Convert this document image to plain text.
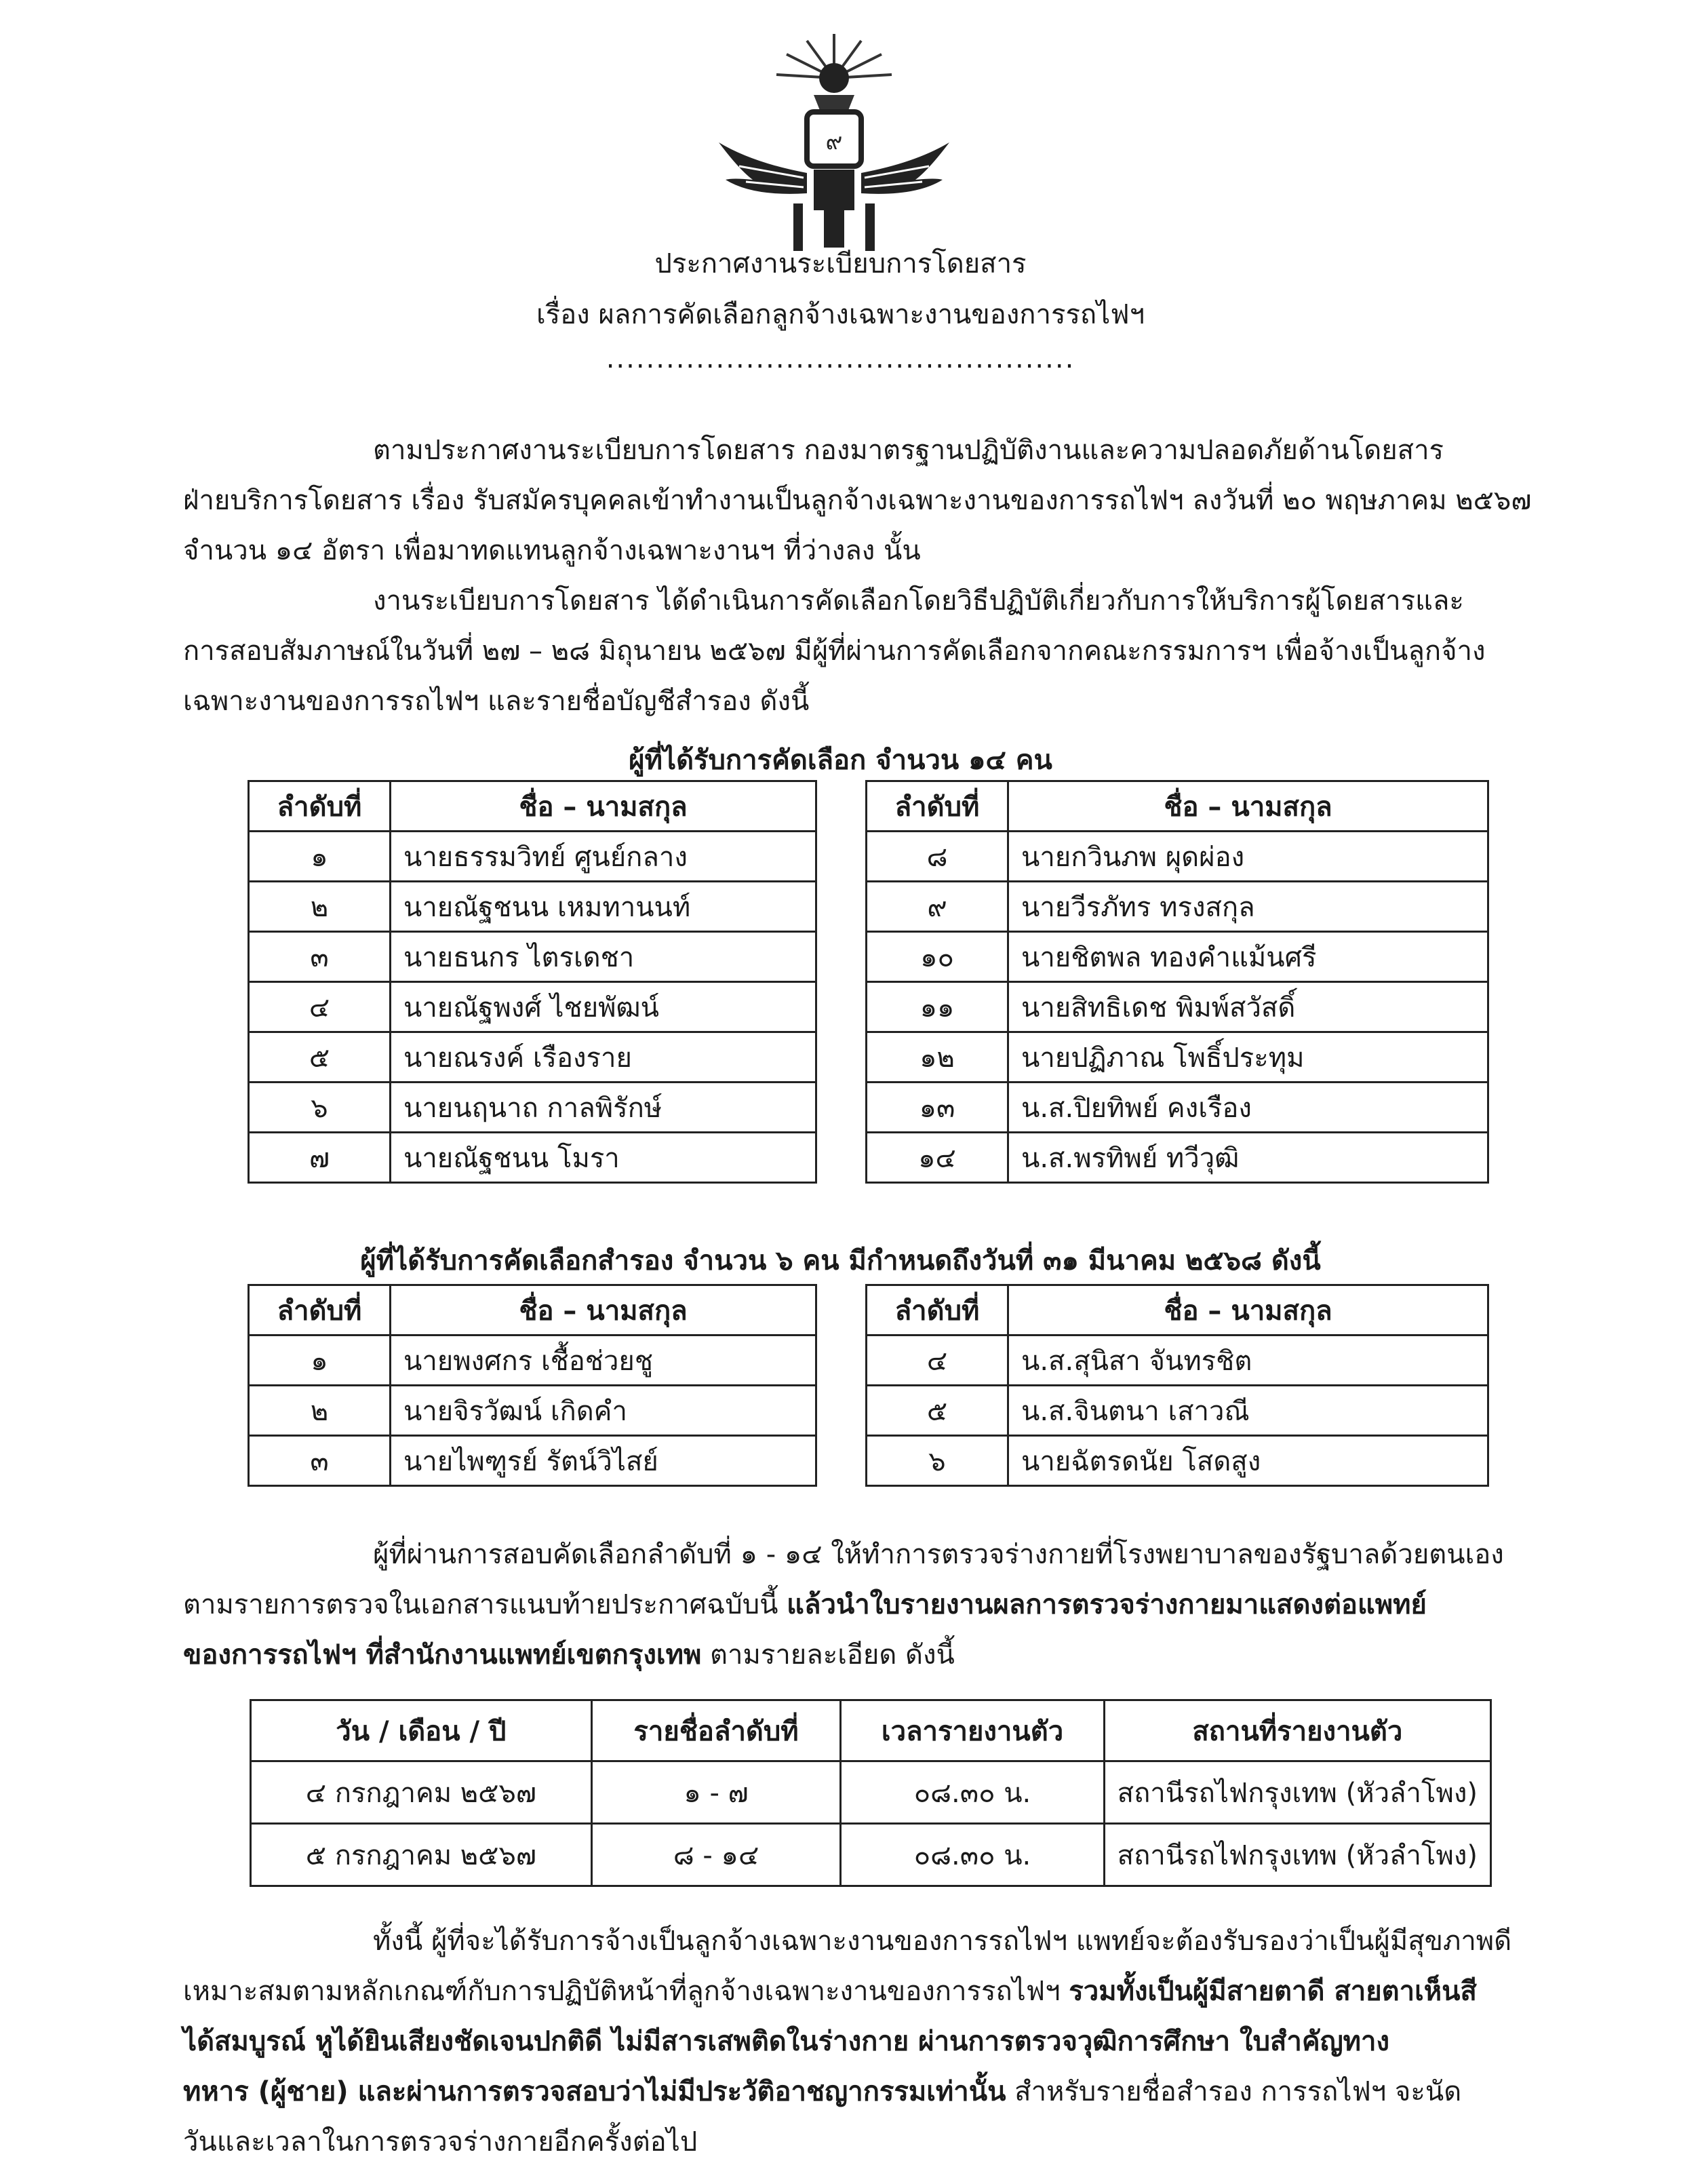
๙
ประกาศงานระเบียบการโดยสาร
เรื่อง ผลการคัดเลือกลูกจ้างเฉพาะงานของการรถไฟฯ
...............................................
ตามประกาศงานระเบียบการโดยสาร กองมาตรฐานปฏิบัติงานและความปลอดภัยด้านโดยสาร
ฝ่ายบริการโดยสาร เรื่อง รับสมัครบุคคลเข้าทำงานเป็นลูกจ้างเฉพาะงานของการรถไฟฯ ลงวันที่ ๒๐ พฤษภาคม ๒๕๖๗
จำนวน ๑๔ อัตรา เพื่อมาทดแทนลูกจ้างเฉพาะงานฯ ที่ว่างลง นั้น
งานระเบียบการโดยสาร ได้ดำเนินการคัดเลือกโดยวิธีปฏิบัติเกี่ยวกับการให้บริการผู้โดยสารและ
การสอบสัมภาษณ์ในวันที่ ๒๗ – ๒๘ มิถุนายน ๒๕๖๗ มีผู้ที่ผ่านการคัดเลือกจากคณะกรรมการฯ เพื่อจ้างเป็นลูกจ้าง
เฉพาะงานของการรถไฟฯ และรายชื่อบัญชีสำรอง ดังนี้
ผู้ที่ได้รับการคัดเลือก จำนวน ๑๔ คน
ลำดับที่	ชื่อ – นามสกุล
๑	นายธรรมวิทย์ ศูนย์กลาง
๒	นายณัฐชนน เหมทานนท์
๓	นายธนกร ไตรเดชา
๔	นายณัฐพงศ์ ไชยพัฒน์
๕	นายณรงค์ เรืองราย
๖	นายนฤนาถ กาลพิรักษ์
๗	นายณัฐชนน โมรา
ลำดับที่	ชื่อ – นามสกุล
๘	นายกวินภพ ผุดผ่อง
๙	นายวีรภัทร ทรงสกุล
๑๐	นายชิตพล ทองคำแม้นศรี
๑๑	นายสิทธิเดช พิมพ์สวัสดิ์
๑๒	นายปฏิภาณ โพธิ์ประทุม
๑๓	น.ส.ปิยทิพย์ คงเรือง
๑๔	น.ส.พรทิพย์ ทวีวุฒิ
ผู้ที่ได้รับการคัดเลือกสำรอง จำนวน ๖ คน มีกำหนดถึงวันที่ ๓๑ มีนาคม ๒๕๖๘ ดังนี้
ลำดับที่	ชื่อ – นามสกุล
๑	นายพงศกร เชื้อช่วยชู
๒	นายจิรวัฒน์ เกิดคำ
๓	นายไพฑูรย์ รัตน์วิไสย์
ลำดับที่	ชื่อ – นามสกุล
๔	น.ส.สุนิสา จันทรชิต
๕	น.ส.จินตนา เสาวณี
๖	นายฉัตรดนัย โสดสูง
ผู้ที่ผ่านการสอบคัดเลือกลำดับที่ ๑ - ๑๔ ให้ทำการตรวจร่างกายที่โรงพยาบาลของรัฐบาลด้วยตนเอง
ตามรายการตรวจในเอกสารแนบท้ายประกาศฉบับนี้ แล้วนำใบรายงานผลการตรวจร่างกายมาแสดงต่อแพทย์
ของการรถไฟฯ ที่สำนักงานแพทย์เขตกรุงเทพ ตามรายละเอียด ดังนี้
วัน / เดือน / ปี	รายชื่อลำดับที่	เวลารายงานตัว	สถานที่รายงานตัว
๔ กรกฎาคม ๒๕๖๗	๑ - ๗	๐๘.๓๐ น.	สถานีรถไฟกรุงเทพ (หัวลำโพง)
๕ กรกฎาคม ๒๕๖๗	๘ - ๑๔	๐๘.๓๐ น.	สถานีรถไฟกรุงเทพ (หัวลำโพง)
ทั้งนี้ ผู้ที่จะได้รับการจ้างเป็นลูกจ้างเฉพาะงานของการรถไฟฯ แพทย์จะต้องรับรองว่าเป็นผู้มีสุขภาพดี
เหมาะสมตามหลักเกณฑ์กับการปฏิบัติหน้าที่ลูกจ้างเฉพาะงานของการรถไฟฯ รวมทั้งเป็นผู้มีสายตาดี สายตาเห็นสี
ได้สมบูรณ์ หูได้ยินเสียงชัดเจนปกติดี ไม่มีสารเสพติดในร่างกาย ผ่านการตรวจวุฒิการศึกษา ใบสำคัญทาง
ทหาร (ผู้ชาย) และผ่านการตรวจสอบว่าไม่มีประวัติอาชญากรรมเท่านั้น สำหรับรายชื่อสำรอง การรถไฟฯ จะนัด
วันและเวลาในการตรวจร่างกายอีกครั้งต่อไป
